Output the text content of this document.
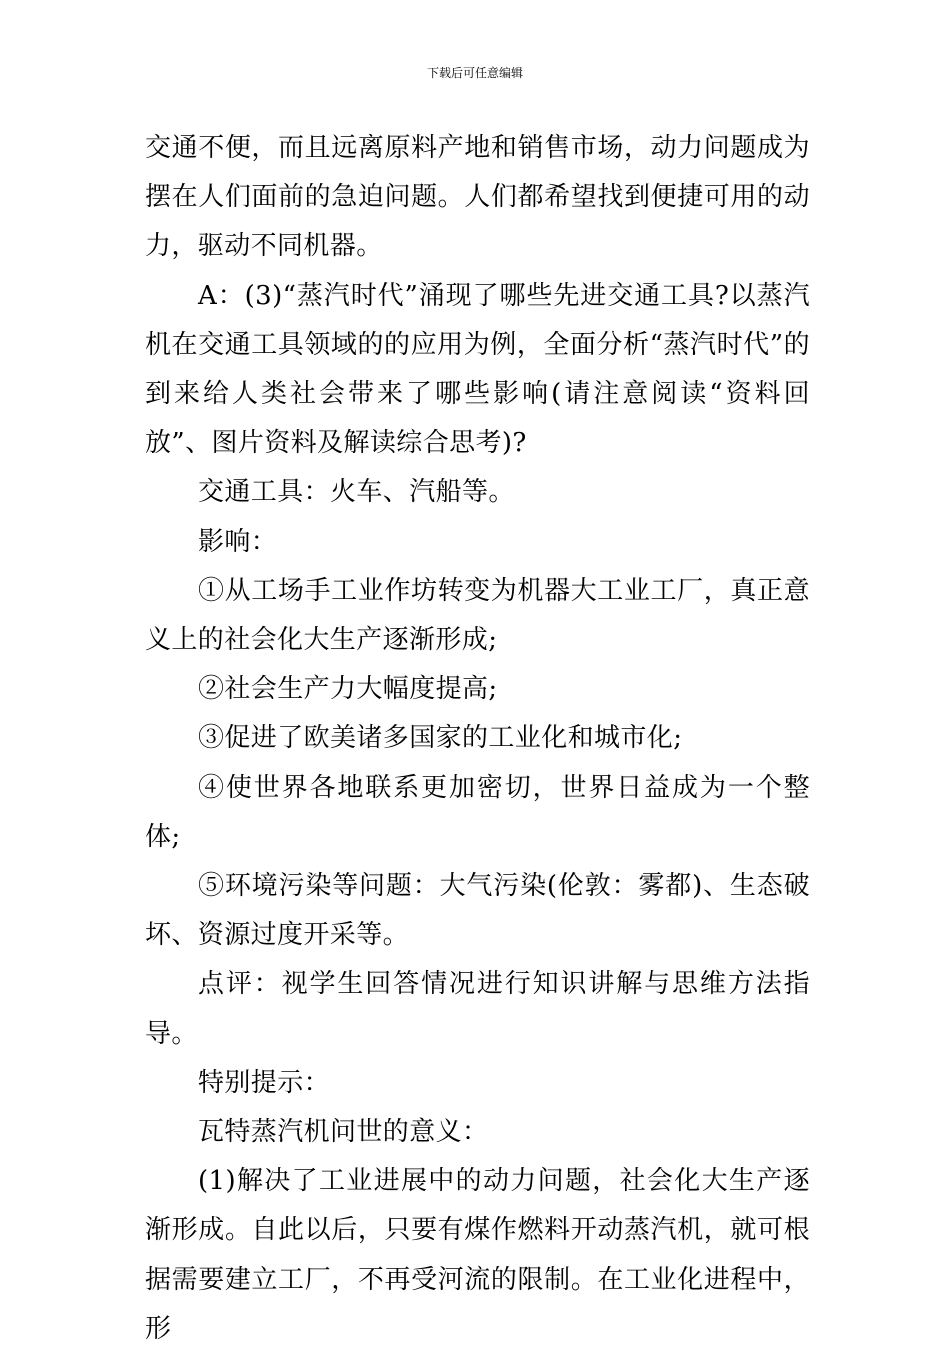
下载后可任意编辑

交通不便，而且远离原料产地和销售市场，动力问题成为摆在人们面前的急迫问题。人们都希望找到便捷可用的动力，驱动不同机器。

A：(3)“蒸汽时代”涌现了哪些先进交通工具?以蒸汽机在交通工具领域的的应用为例，全面分析“蒸汽时代”的到来给人类社会带来了哪些影响(请注意阅读“资料回放”、图片资料及解读综合思考)?

交通工具：火车、汽船等。

影响：

①从工场手工业作坊转变为机器大工业工厂，真正意义上的社会化大生产逐渐形成;

②社会生产力大幅度提高;

③促进了欧美诸多国家的工业化和城市化;

④使世界各地联系更加密切，世界日益成为一个整体;

⑤环境污染等问题：大气污染(伦敦：雾都)、生态破坏、资源过度开采等。

点评：视学生回答情况进行知识讲解与思维方法指导。

特别提示：

瓦特蒸汽机问世的意义：

(1)解决了工业进展中的动力问题，社会化大生产逐渐形成。自此以后，只要有煤作燃料开动蒸汽机，就可根据需要建立工厂，不再受河流的限制。在工业化进程中，形
